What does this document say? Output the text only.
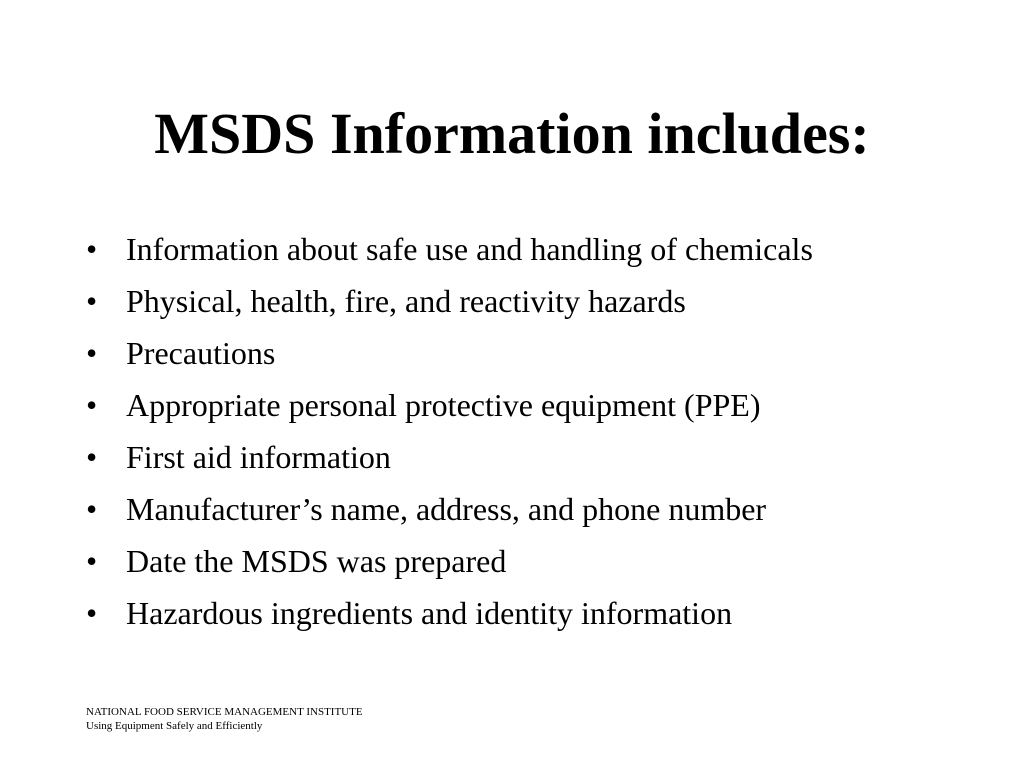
MSDS Information includes:
• Information about safe use and handling of chemicals
• Physical, health, fire, and reactivity hazards
• Precautions
• Appropriate personal protective equipment (PPE)
• First aid information
• Manufacturer’s name, address, and phone number
• Date the MSDS was prepared
• Hazardous ingredients and identity information
NATIONAL FOOD SERVICE MANAGEMENT INSTITUTE
Using Equipment Safely and Efficiently
